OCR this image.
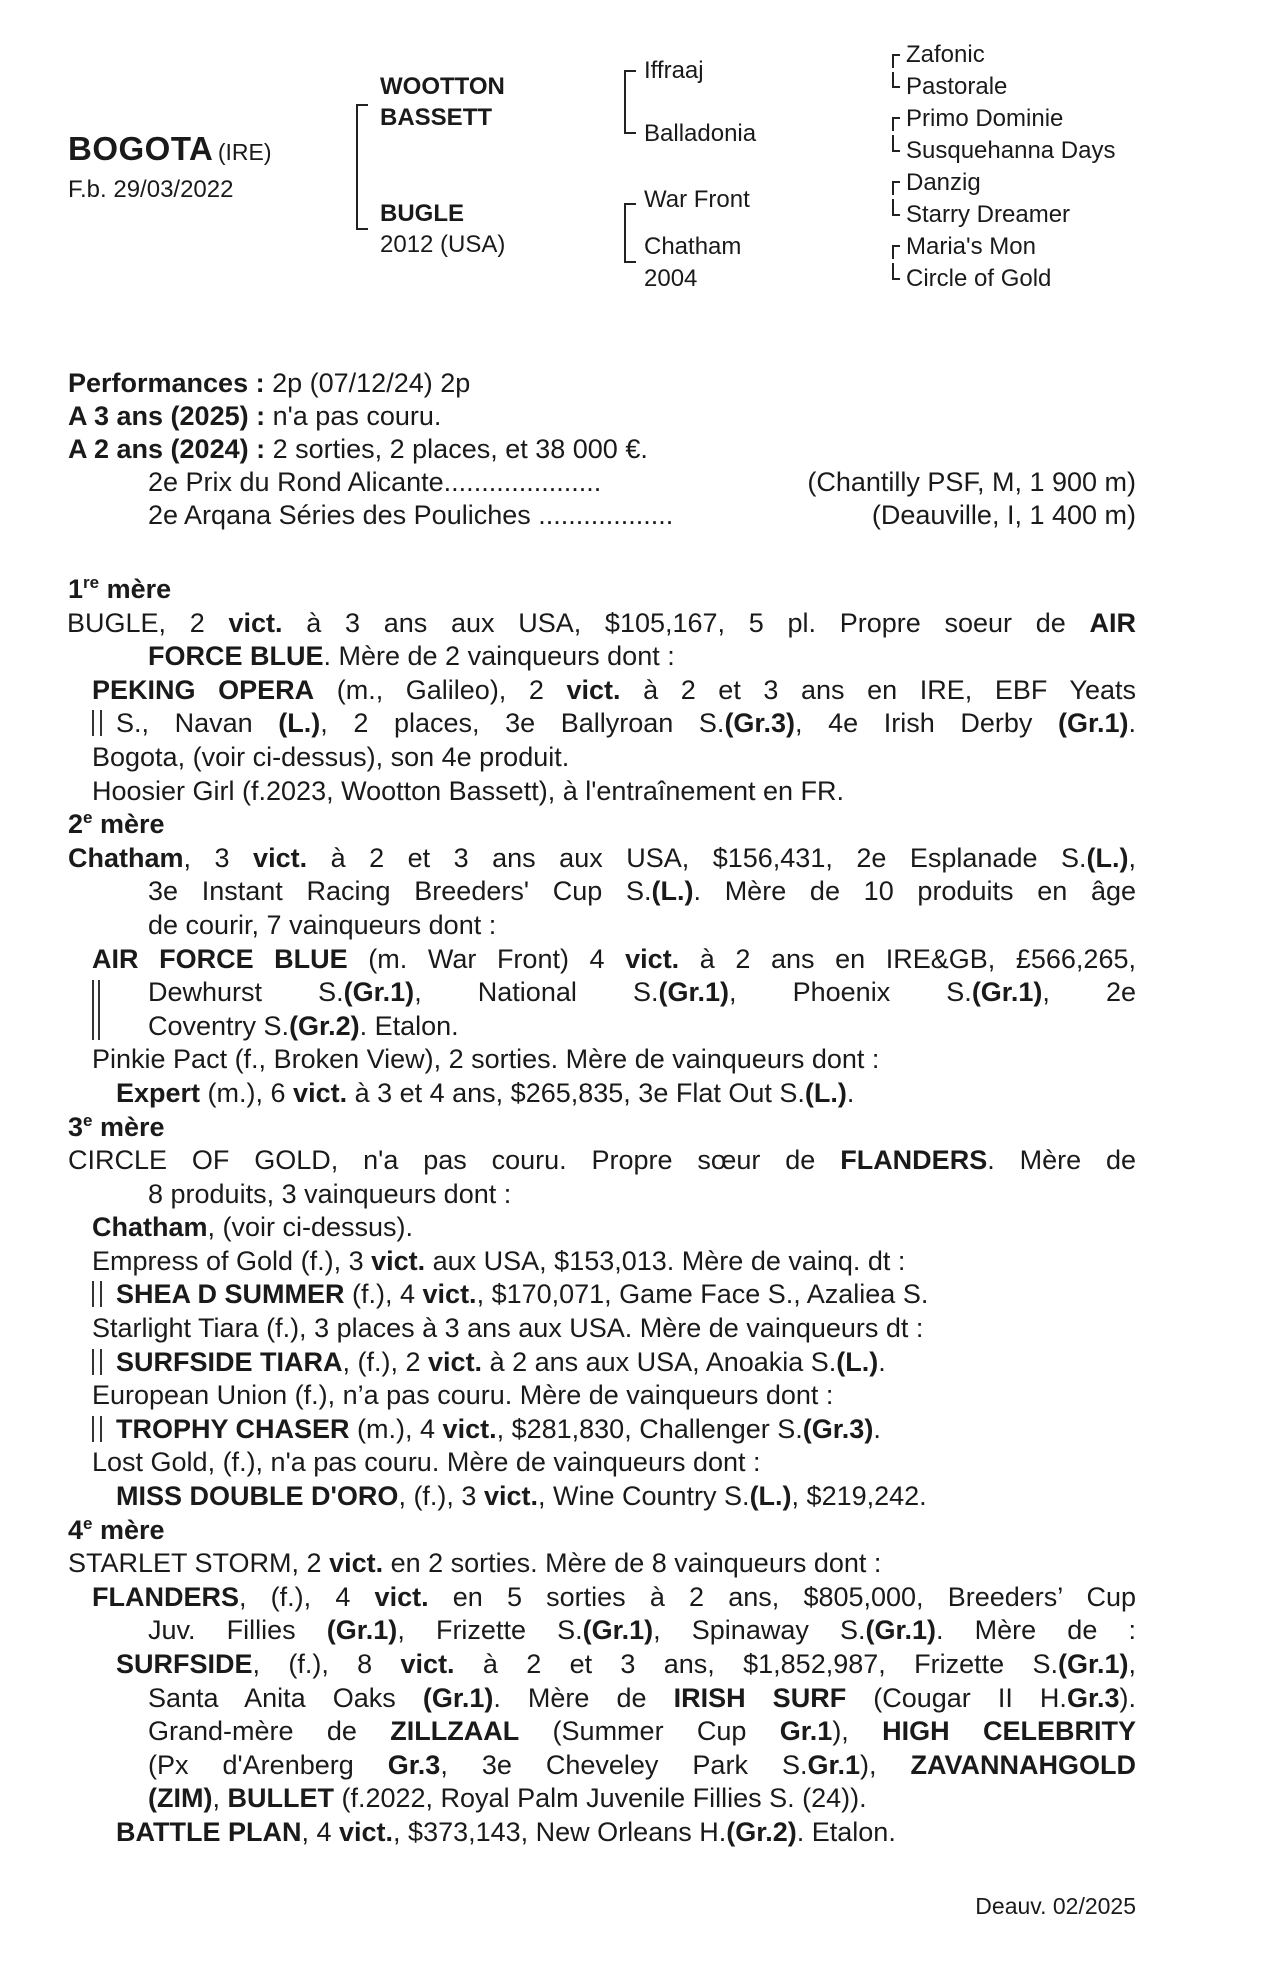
BOGOTA (IRE)
F.b. 29/03/2022
WOOTTON
BASSETT
BUGLE
2012 (USA)
Iffraaj
Balladonia
War Front
Chatham
2004
Zafonic
Pastorale
Primo Dominie
Susquehanna Days
Danzig
Starry Dreamer
Maria's Mon
Circle of Gold
Performances : 2p (07/12/24) 2p
A 3 ans (2025) : n'a pas couru.
A 2 ans (2024) : 2 sorties, 2 places, et 38 000 €.
2e Prix du Rond Alicante.....................	(Chantilly PSF, M, 1 900 m)
2e Arqana Séries des Pouliches ..................	(Deauville, I, 1 400 m)
1re mère
BUGLE, 2 vict. à 3 ans aux USA, $105,167, 5 pl. Propre soeur de AIR
FORCE BLUE. Mère de 2 vainqueurs dont :
PEKING OPERA (m., Galileo), 2 vict. à 2 et 3 ans en IRE, EBF Yeats
S., Navan (L.), 2 places, 3e Ballyroan S.(Gr.3), 4e Irish Derby (Gr.1).
Bogota, (voir ci-dessus), son 4e produit.
Hoosier Girl (f.2023, Wootton Bassett), à l'entraînement en FR.
2e mère
Chatham, 3 vict. à 2 et 3 ans aux USA, $156,431, 2e Esplanade S.(L.),
3e Instant Racing Breeders' Cup S.(L.). Mère de 10 produits en âge
de courir, 7 vainqueurs dont :
AIR FORCE BLUE (m. War Front) 4 vict. à 2 ans en IRE&GB, £566,265,
Dewhurst S.(Gr.1), National S.(Gr.1), Phoenix S.(Gr.1), 2e
Coventry S.(Gr.2). Etalon.
Pinkie Pact (f., Broken View), 2 sorties. Mère de vainqueurs dont :
Expert (m.), 6 vict. à 3 et 4 ans, $265,835, 3e Flat Out S.(L.).
3e mère
CIRCLE OF GOLD, n'a pas couru. Propre sœur de FLANDERS. Mère de
8 produits, 3 vainqueurs dont :
Chatham, (voir ci-dessus).
Empress of Gold (f.), 3 vict. aux USA, $153,013. Mère de vainq. dt :
SHEA D SUMMER (f.), 4 vict., $170,071, Game Face S., Azaliea S.
Starlight Tiara (f.), 3 places à 3 ans aux USA. Mère de vainqueurs dt :
SURFSIDE TIARA, (f.), 2 vict. à 2 ans aux USA, Anoakia S.(L.).
European Union (f.), n’a pas couru. Mère de vainqueurs dont :
TROPHY CHASER (m.), 4 vict., $281,830, Challenger S.(Gr.3).
Lost Gold, (f.), n'a pas couru. Mère de vainqueurs dont :
MISS DOUBLE D'ORO, (f.), 3 vict., Wine Country S.(L.), $219,242.
4e mère
STARLET STORM, 2 vict. en 2 sorties. Mère de 8 vainqueurs dont :
FLANDERS, (f.), 4 vict. en 5 sorties à 2 ans, $805,000, Breeders’ Cup
Juv. Fillies (Gr.1), Frizette S.(Gr.1), Spinaway S.(Gr.1). Mère de :
SURFSIDE, (f.), 8 vict. à 2 et 3 ans, $1,852,987, Frizette S.(Gr.1),
Santa Anita Oaks (Gr.1). Mère de IRISH SURF (Cougar II H.Gr.3).
Grand-mère de ZILLZAAL (Summer Cup Gr.1), HIGH CELEBRITY
(Px d'Arenberg Gr.3, 3e Cheveley Park S.Gr.1), ZAVANNAHGOLD
(ZIM), BULLET (f.2022, Royal Palm Juvenile Fillies S. (24)).
BATTLE PLAN, 4 vict., $373,143, New Orleans H.(Gr.2). Etalon.
Deauv. 02/2025
